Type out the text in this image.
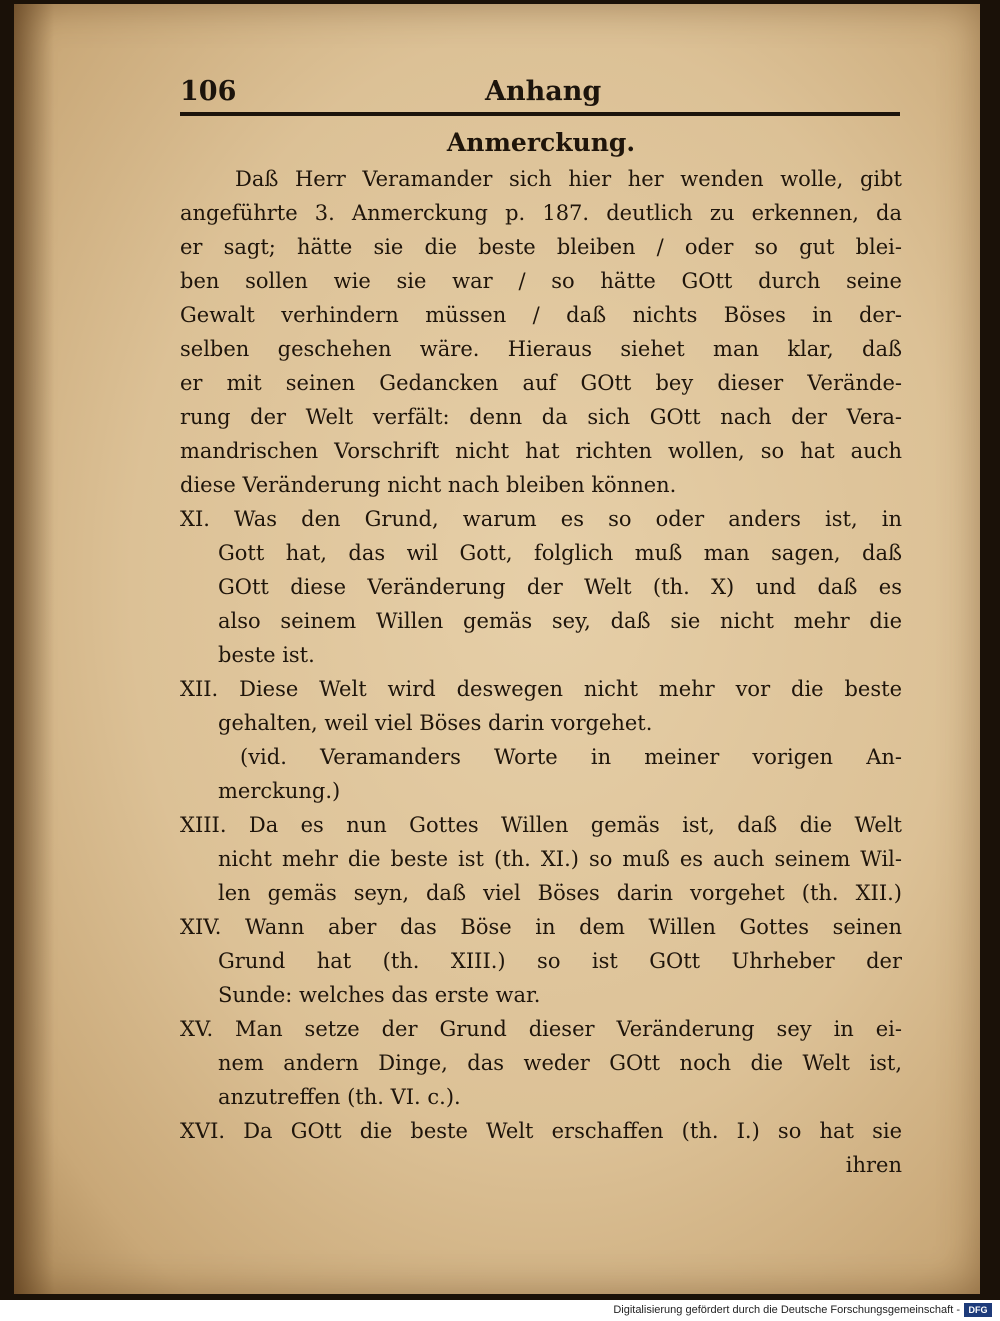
106	Anhang
Anmerckung.
Daß Herr Veramander sich hier her wenden wolle, gibt
angeführte 3. Anmerckung p. 187. deutlich zu erkennen, da
er sagt; hätte sie die beste bleiben / oder so gut blei-
ben sollen wie sie war / so hätte GOtt durch seine
Gewalt verhindern müssen / daß nichts Böses in der-
selben geschehen wäre. Hieraus siehet man klar, daß
er mit seinen Gedancken auf GOtt bey dieser Verände-
rung der Welt verfält: denn da sich GOtt nach der Vera-
mandrischen Vorschrift nicht hat richten wollen, so hat auch
diese Veränderung nicht nach bleiben können.
XI. Was den Grund, warum es so oder anders ist, in
Gott hat, das wil Gott, folglich muß man sagen, daß
GOtt diese Veränderung der Welt (th. X) und daß es
also seinem Willen gemäs sey, daß sie nicht mehr die
beste ist.
XII. Diese Welt wird deswegen nicht mehr vor die beste
gehalten, weil viel Böses darin vorgehet.
(vid. Veramanders Worte in meiner vorigen An-
merckung.)
XIII. Da es nun Gottes Willen gemäs ist, daß die Welt
nicht mehr die beste ist (th. XI.) so muß es auch seinem Wil-
len gemäs seyn, daß viel Böses darin vorgehet (th. XII.)
XIV. Wann aber das Böse in dem Willen Gottes seinen
Grund hat (th. XIII.) so ist GOtt Uhrheber der
Sunde: welches das erste war.
XV. Man setze der Grund dieser Veränderung sey in ei-
nem andern Dinge, das weder GOtt noch die Welt ist,
anzutreffen (th. VI. c.).
XVI. Da GOtt die beste Welt erschaffen (th. I.) so hat sie
ihren
Digitalisierung gefördert durch die Deutsche Forschungsgemeinschaft - DFG
